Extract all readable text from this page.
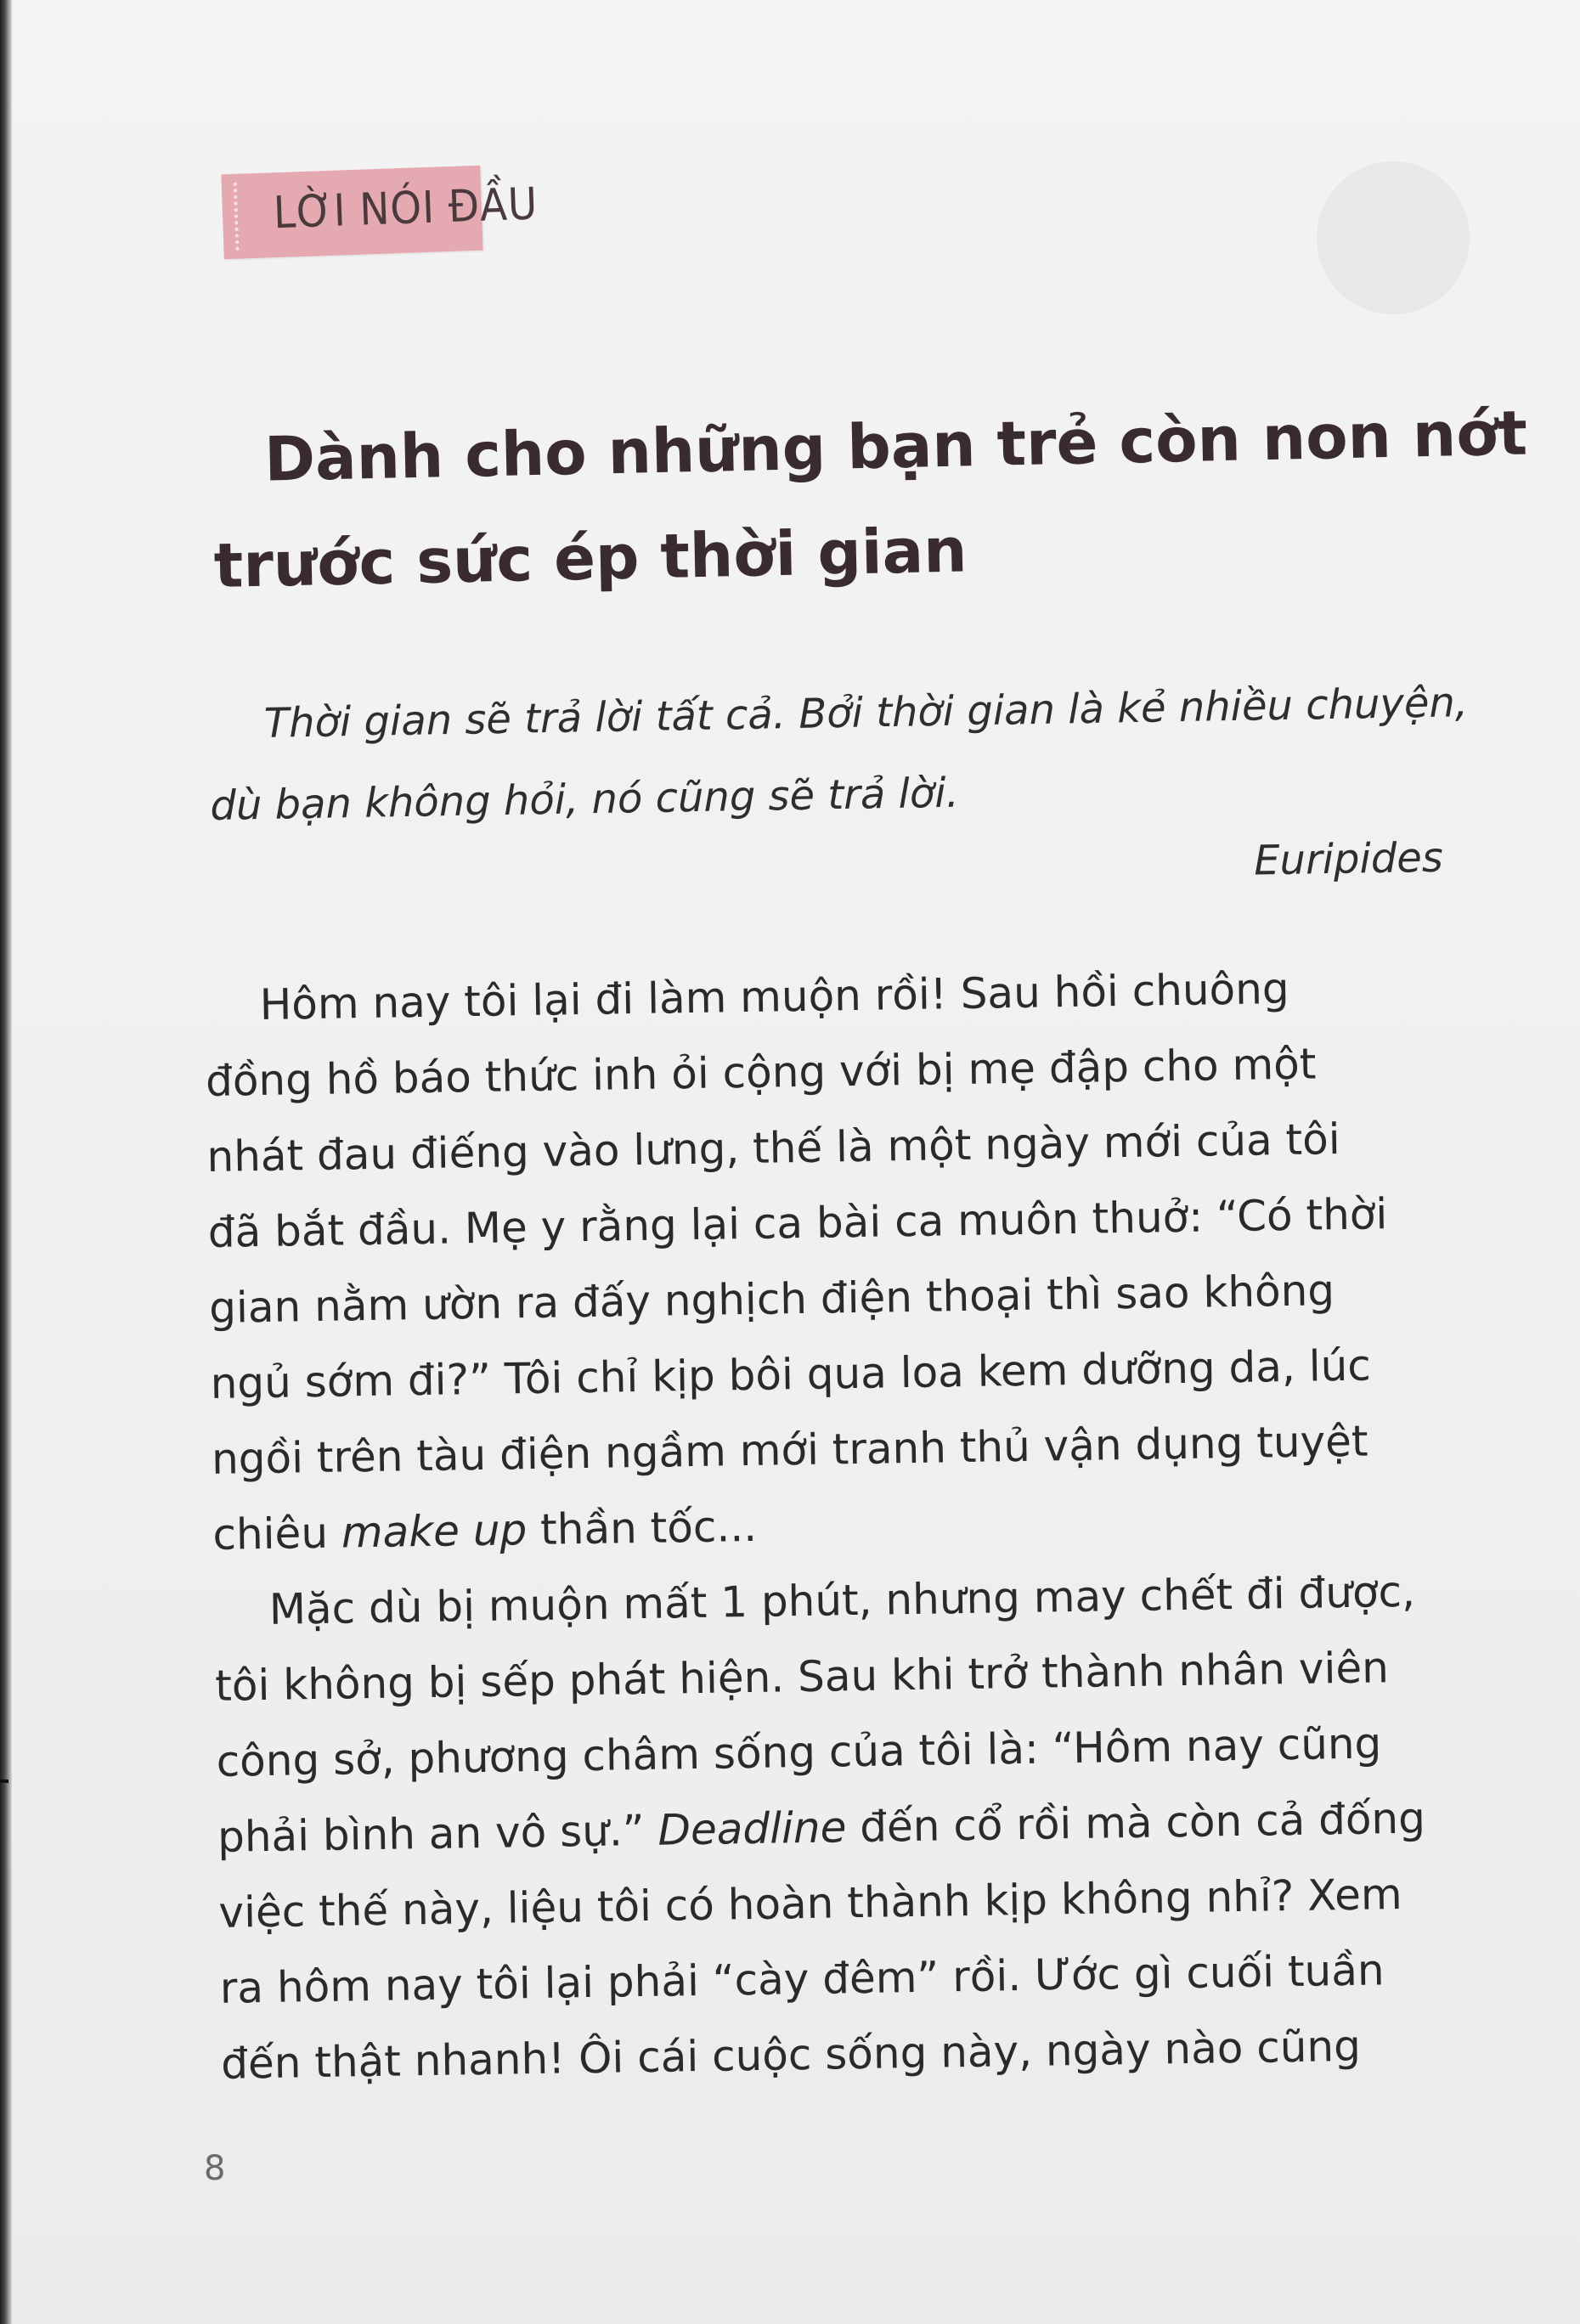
LỜI NÓI ĐẦU
Dành cho những bạn trẻ còn non nớt
trước sức ép thời gian

Thời gian sẽ trả lời tất cả. Bởi thời gian là kẻ nhiều chuyện,
dù bạn không hỏi, nó cũng sẽ trả lời.

Euripides

Hôm nay tôi lại đi làm muộn rồi! Sau hồi chuông
đồng hồ báo thức inh ỏi cộng với bị mẹ đập cho một
nhát đau điếng vào lưng, thế là một ngày mới của tôi
đã bắt đầu. Mẹ y rằng lại ca bài ca muôn thuở: “Có thời
gian nằm ườn ra đấy nghịch điện thoại thì sao không
ngủ sớm đi?” Tôi chỉ kịp bôi qua loa kem dưỡng da, lúc
ngồi trên tàu điện ngầm mới tranh thủ vận dụng tuyệt
chiêu make up thần tốc...

Mặc dù bị muộn mất 1 phút, nhưng may chết đi được,
tôi không bị sếp phát hiện. Sau khi trở thành nhân viên
công sở, phương châm sống của tôi là: “Hôm nay cũng
phải bình an vô sự.” Deadline đến cổ rồi mà còn cả đống
việc thế này, liệu tôi có hoàn thành kịp không nhỉ? Xem
ra hôm nay tôi lại phải “cày đêm” rồi. Ước gì cuối tuần
đến thật nhanh! Ôi cái cuộc sống này, ngày nào cũng

8
